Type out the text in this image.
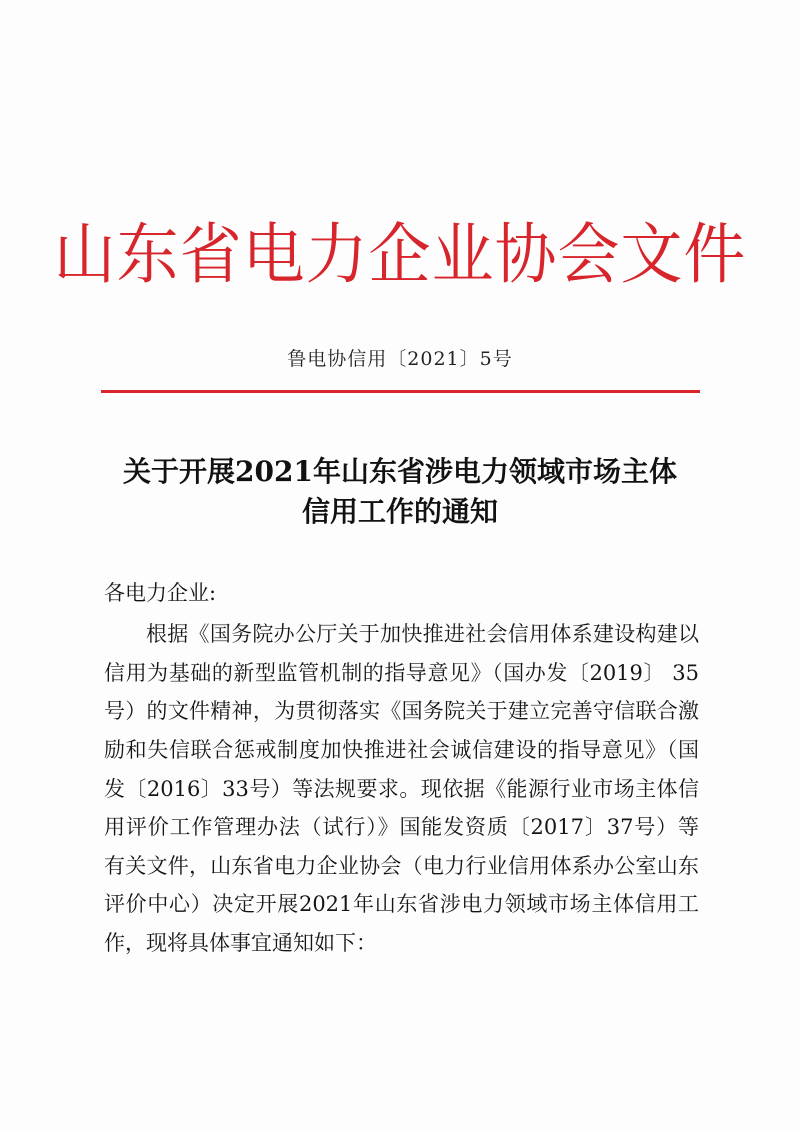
山东省电力企业协会文件
鲁电协信用〔2021〕5号
关于开展2021年山东省涉电力领域市场主体
信用工作的通知
各电力企业:
根据《国务院办公厅关于加快推进社会信用体系建设构建以
信用为基础的新型监管机制的指导意见》（国办发〔2019〕 35
号）的文件精神，为贯彻落实《国务院关于建立完善守信联合激
励和失信联合惩戒制度加快推进社会诚信建设的指导意见》（国
发〔2016〕33号）等法规要求。现依据《能源行业市场主体信
用评价工作管理办法（试行）》国能发资质〔2017〕37号）等
有关文件，山东省电力企业协会（电力行业信用体系办公室山东
评价中心）决定开展2021年山东省涉电力领域市场主体信用工
作，现将具体事宜通知如下：
